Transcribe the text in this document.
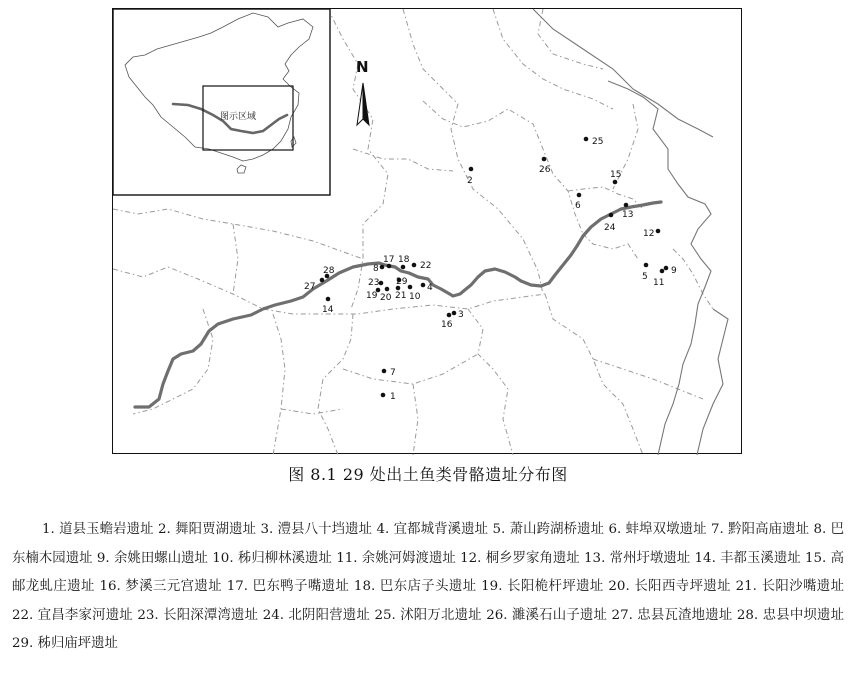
1
2
3
4
5
6
7
8	9
10
11
12
13
14
15
16
17 18
19 20 21
22
23
24
25
26
27
28
29
N
图示区域
图 8.1 29 处出土鱼类骨骼遗址分布图
1. 道县玉蟾岩遗址 2. 舞阳贾湖遗址 3. 澧县八十垱遗址 4. 宜都城背溪遗址 5. 萧山跨湖桥遗址 6. 蚌埠双墩遗址 7. 黔阳高庙遗址 8. 巴东楠木园遗址 9. 余姚田螺山遗址 10. 秭归柳林溪遗址 11. 余姚河姆渡遗址 12. 桐乡罗家角遗址 13. 常州圩墩遗址 14. 丰都玉溪遗址 15. 高邮龙虬庄遗址 16. 梦溪三元宫遗址 17. 巴东鸭子嘴遗址 18. 巴东店子头遗址 19. 长阳桅杆坪遗址 20. 长阳西寺坪遗址 21. 长阳沙嘴遗址 22. 宜昌李家河遗址 23. 长阳深潭湾遗址 24. 北阴阳营遗址 25. 沭阳万北遗址 26. 濉溪石山子遗址 27. 忠县瓦渣地遗址 28. 忠县中坝遗址 29. 秭归庙坪遗址
